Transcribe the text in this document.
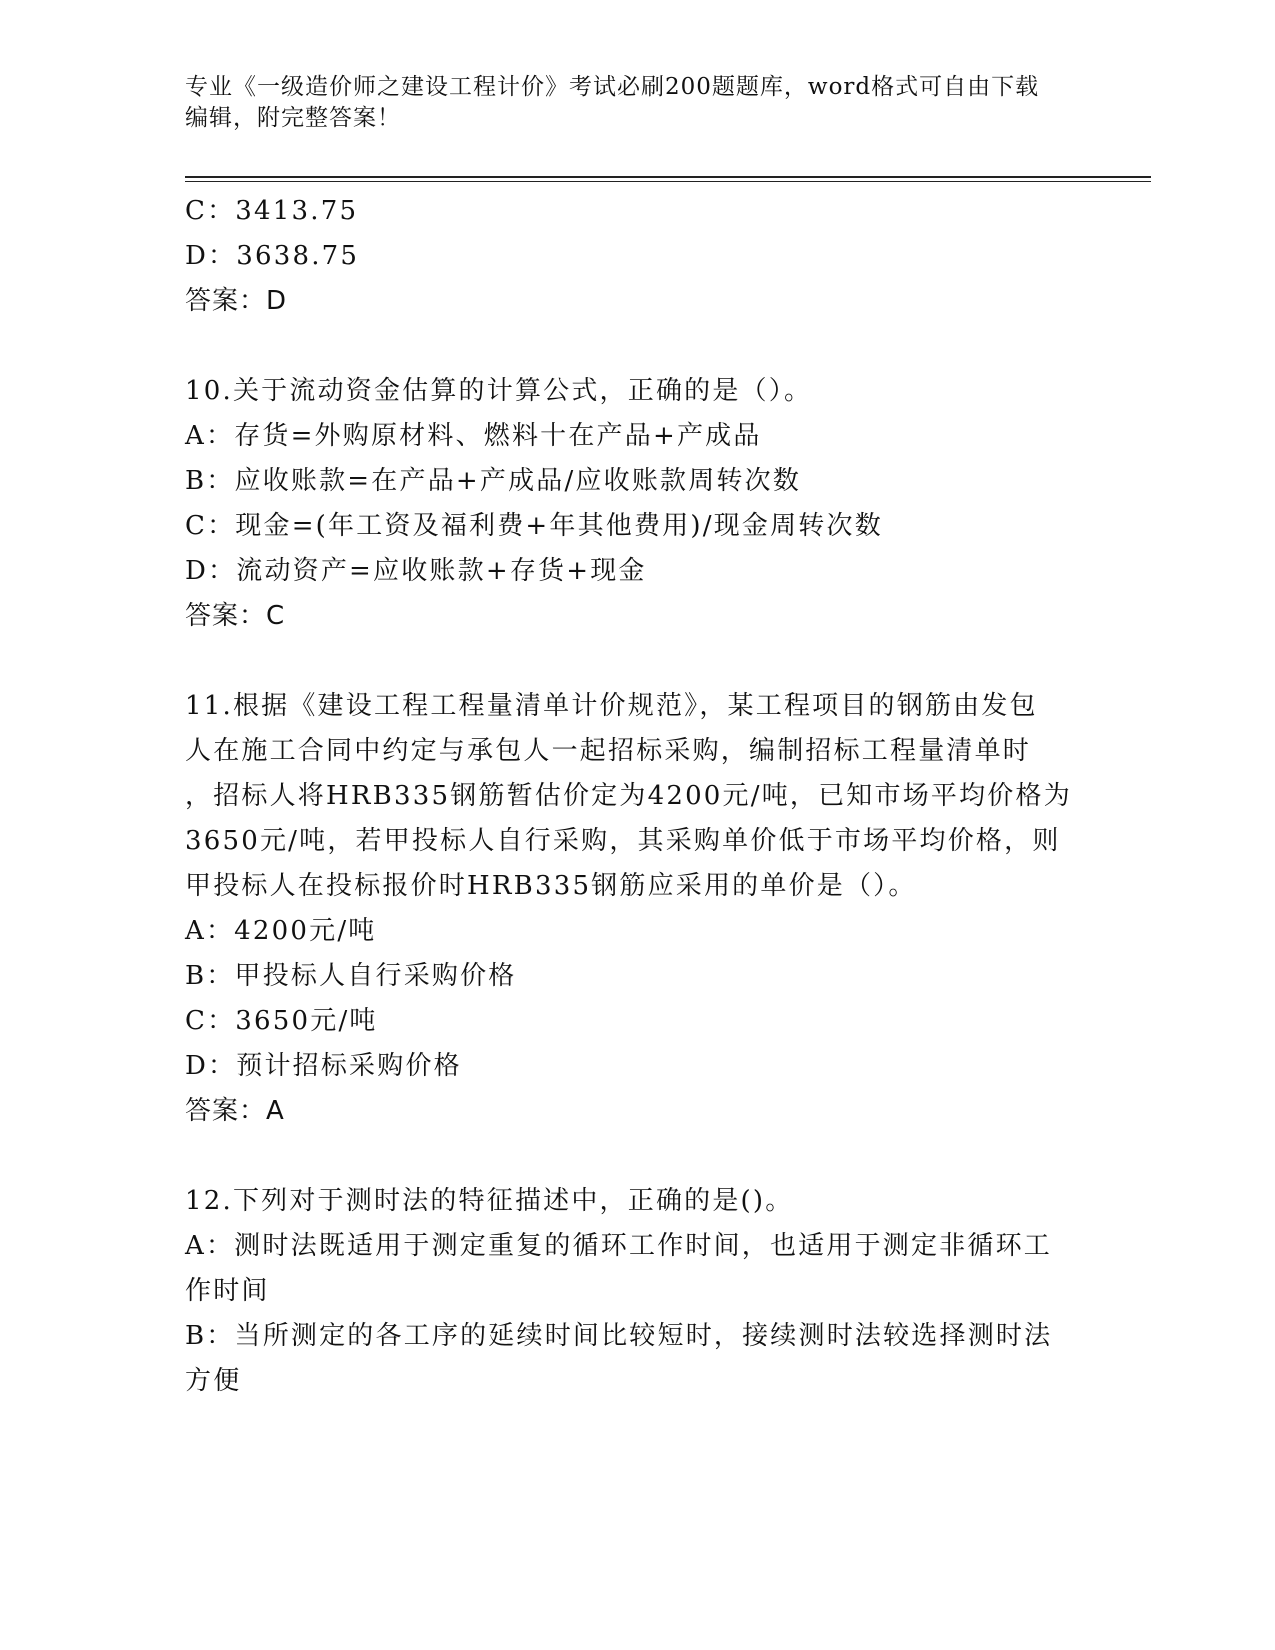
专业《一级造价师之建设工程计价》考试必刷200题题库，word格式可自由下载
编辑，附完整答案！
C：3413.75
D：3638.75
答案：D
10.关于流动资金估算的计算公式，正确的是（）。
A：存货=外购原材料、燃料十在产品+产成品
B：应收账款=在产品+产成品/应收账款周转次数
C：现金=(年工资及福利费+年其他费用)/现金周转次数
D：流动资产=应收账款+存货+现金
答案：C
11.根据《建设工程工程量清单计价规范》，某工程项目的钢筋由发包
人在施工合同中约定与承包人一起招标采购，编制招标工程量清单时
，招标人将HRB335钢筋暂估价定为4200元/吨，已知市场平均价格为
3650元/吨，若甲投标人自行采购，其采购单价低于市场平均价格，则
甲投标人在投标报价时HRB335钢筋应采用的单价是（）。
A：4200元/吨
B：甲投标人自行采购价格
C：3650元/吨
D：预计招标采购价格
答案：A
12.下列对于测时法的特征描述中，正确的是()。
A：测时法既适用于测定重复的循环工作时间，也适用于测定非循环工
作时间
B：当所测定的各工序的延续时间比较短时，接续测时法较选择测时法
方便
